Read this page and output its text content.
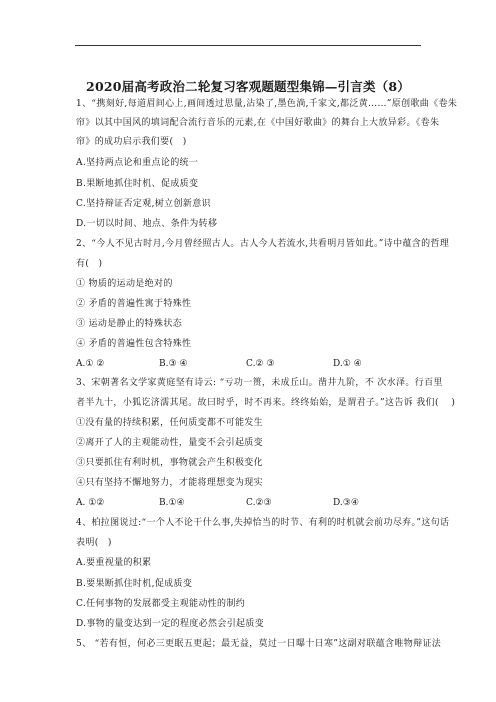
2020届高考政治二轮复习客观题题型集锦—引言类（8）
1、“携刻好,每道眉间心上,画间透过思量,沾染了,墨色淌,千家文,都泛黄……”原创歌曲《卷朱
帘》以其中国风的填词配合流行音乐的元素,在《中国好歌曲》的舞台上大放异彩。《卷朱
帘》的成功启示我们要(　)
A.坚持两点论和重点论的统一
B.果断地抓住时机、促成质变
C.坚持辩证否定观,树立创新意识
D.一切以时间、地点、条件为转移
2、“今人不见古时月,今月曾经照古人。古人今人若流水,共看明月皆如此。”诗中蕴含的哲理
有(　)
① 物质的运动是绝对的
② 矛盾的普遍性寓于特殊性
③ 运动是静止的特殊状态
④ 矛盾的普遍性包含特殊性
A.① ②	B.③ ④	C.② ③	D.① ④
3、宋朝著名文学家黄庭坚有诗云: “亏功一篑，未成丘山。凿井九阶，不 次水泽。行百里
者半九十，小狐讫济濡其尾。故曰时乎，时不再来。终终始始，是谓君子。”这告诉 我们(　 )
①没有量的持续积累，任何质变都不可能发生
②离开了人的主观能动性，量变不会引起质变
③只要抓住有利时机，事物就会产生积极变化
④只有坚持不懈地努力，才能将理想变为现实
A. ①②	B.①④	C.②③	D.③④
4、柏拉图说过:“一个人不论干什么事,失掉恰当的时节、有利的时机就会前功尽弃。”这句话
表明(　)
A.要重视量的积累
B.要果断抓住时机,促成质变
C.任何事物的发展都受主观能动性的制约
D.事物的量变达到一定的程度必然会引起质变
5、 “若有恒，何必三更眠五更起；最无益，莫过一日曝十日寒”这副对联蕴含唯物辩证法
